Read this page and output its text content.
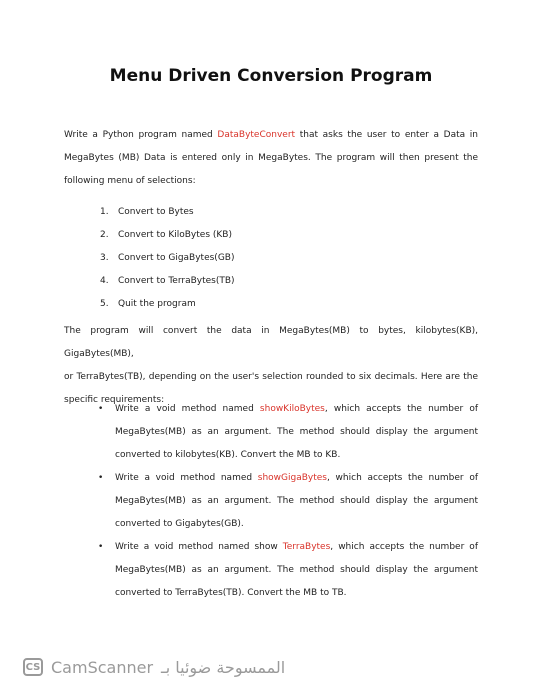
Menu Driven Conversion Program
Write a Python program named DataByteConvert that asks the user to enter a Data in
MegaBytes (MB) Data is entered only in MegaBytes. The program will then present the
following menu of selections:
1. Convert to Bytes
2. Convert to KiloBytes (KB)
3. Convert to GigaBytes(GB)
4. Convert to TerraBytes(TB)
5. Quit the program
The program will convert the data in MegaBytes(MB) to bytes, kilobytes(KB), GigaBytes(MB),
or TerraBytes(TB), depending on the user's selection rounded to six decimals. Here are the
specific requirements:
• Write a void method named showKiloBytes, which accepts the number of
MegaBytes(MB) as an argument. The method should display the argument
converted to kilobytes(KB). Convert the MB to KB.
• Write a void method named showGigaBytes, which accepts the number of
MegaBytes(MB) as an argument. The method should display the argument
converted to Gigabytes(GB).
• Write a void method named show TerraBytes, which accepts the number of
MegaBytes(MB) as an argument. The method should display the argument
converted to TerraBytes(TB). Convert the MB to TB.
CS CamScanner الممسوحة ضوئيا بـ
